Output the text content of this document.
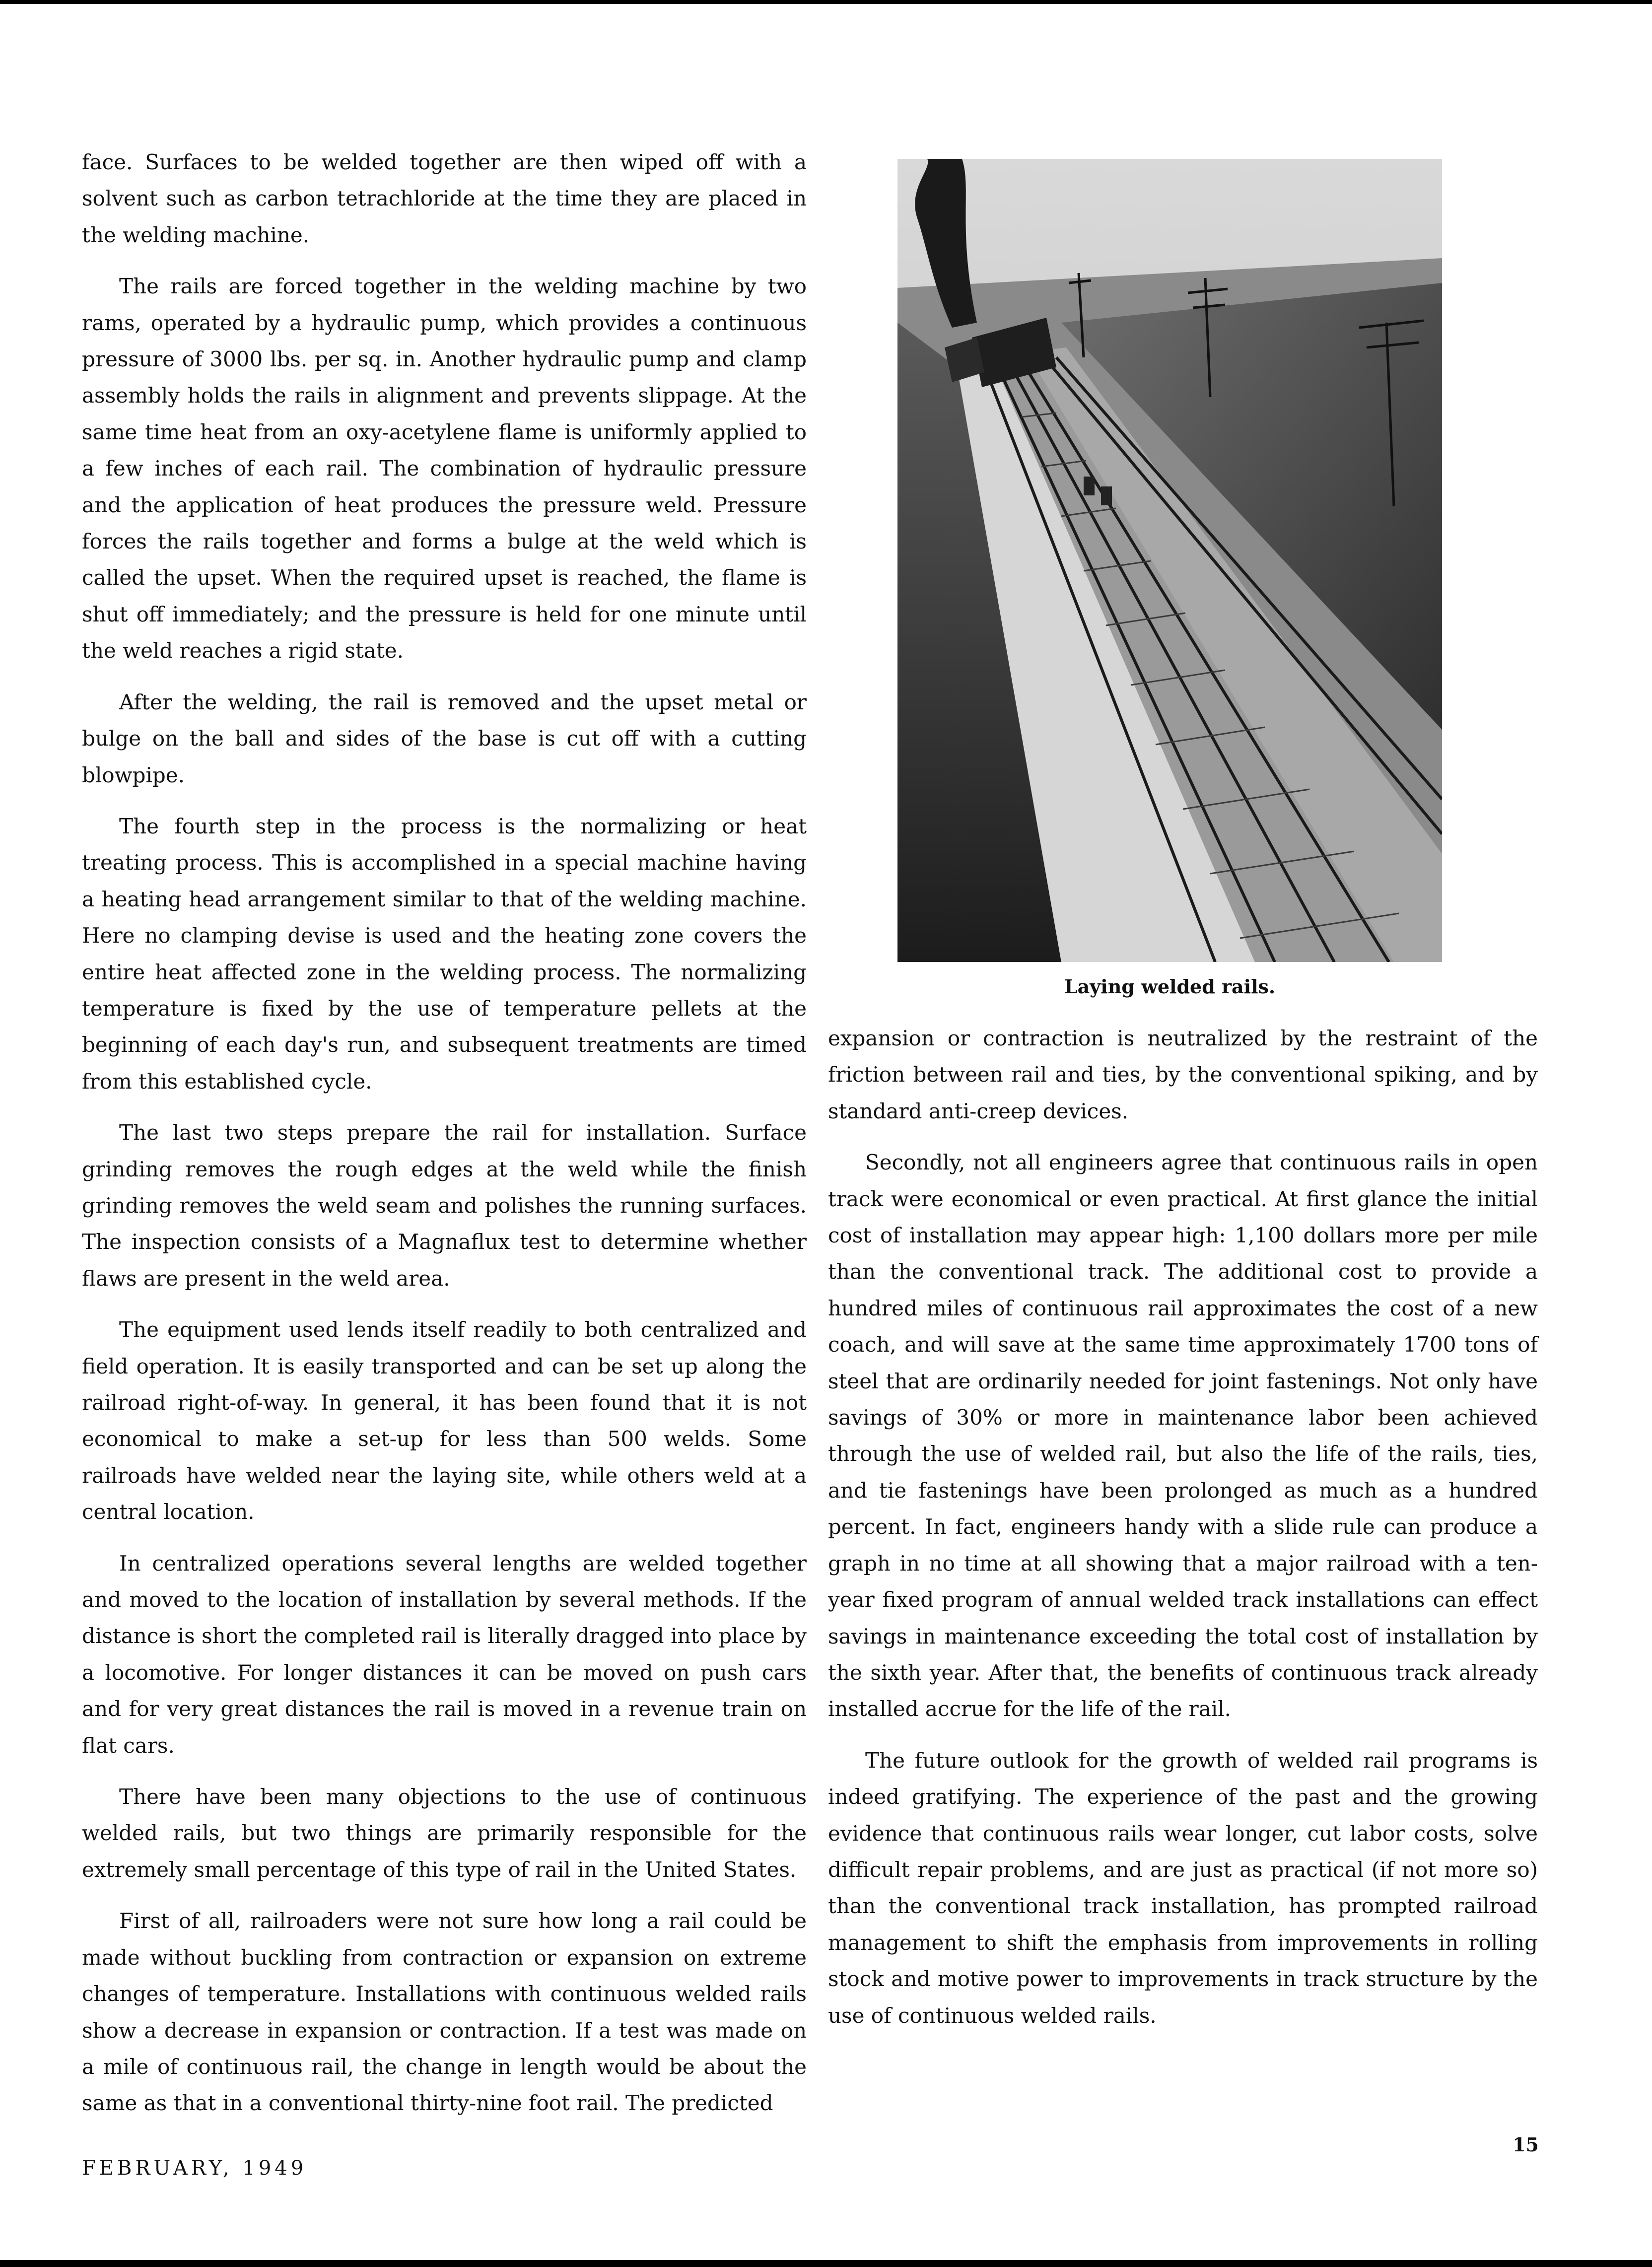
face. Surfaces to be welded together are then wiped off with a solvent such as carbon tetrachloride at the time they are placed in the welding machine.

The rails are forced together in the welding machine by two rams, operated by a hydraulic pump, which provides a continuous pressure of 3000 lbs. per sq. in. Another hydraulic pump and clamp assembly holds the rails in alignment and prevents slippage. At the same time heat from an oxy-acetylene flame is uniformly applied to a few inches of each rail. The combination of hydraulic pressure and the application of heat produces the pressure weld. Pressure forces the rails together and forms a bulge at the weld which is called the upset. When the required upset is reached, the flame is shut off immediately; and the pressure is held for one minute until the weld reaches a rigid state.

After the welding, the rail is removed and the upset metal or bulge on the ball and sides of the base is cut off with a cutting blowpipe.

The fourth step in the process is the normalizing or heat treating process. This is accomplished in a special machine having a heating head arrangement similar to that of the welding machine. Here no clamping devise is used and the heating zone covers the entire heat affected zone in the welding process. The normalizing temperature is fixed by the use of temperature pellets at the beginning of each day's run, and subsequent treatments are timed from this established cycle.

The last two steps prepare the rail for installation. Surface grinding removes the rough edges at the weld while the finish grinding removes the weld seam and polishes the running surfaces. The inspection consists of a Magnaflux test to determine whether flaws are present in the weld area.

The equipment used lends itself readily to both centralized and field operation. It is easily transported and can be set up along the railroad right-of-way. In general, it has been found that it is not economical to make a set-up for less than 500 welds. Some railroads have welded near the laying site, while others weld at a central location.

In centralized operations several lengths are welded together and moved to the location of installation by several methods. If the distance is short the completed rail is literally dragged into place by a locomotive. For longer distances it can be moved on push cars and for very great distances the rail is moved in a revenue train on flat cars.

There have been many objections to the use of continuous welded rails, but two things are primarily responsible for the extremely small percentage of this type of rail in the United States.

First of all, railroaders were not sure how long a rail could be made without buckling from contraction or expansion on extreme changes of temperature. Installations with continuous welded rails show a decrease in expansion or contraction. If a test was made on a mile of continuous rail, the change in length would be about the same as that in a conventional thirty-nine foot rail. The predicted

Laying welded rails.

expansion or contraction is neutralized by the restraint of the friction between rail and ties, by the conventional spiking, and by standard anti-creep devices.

Secondly, not all engineers agree that continuous rails in open track were economical or even practical. At first glance the initial cost of installation may appear high: 1,100 dollars more per mile than the conventional track. The additional cost to provide a hundred miles of continuous rail approximates the cost of a new coach, and will save at the same time approximately 1700 tons of steel that are ordinarily needed for joint fastenings. Not only have savings of 30% or more in maintenance labor been achieved through the use of welded rail, but also the life of the rails, ties, and tie fastenings have been prolonged as much as a hundred percent. In fact, engineers handy with a slide rule can produce a graph in no time at all showing that a major railroad with a ten-year fixed program of annual welded track installations can effect savings in maintenance exceeding the total cost of installation by the sixth year. After that, the benefits of continuous track already installed accrue for the life of the rail.

The future outlook for the growth of welded rail programs is indeed gratifying. The experience of the past and the growing evidence that continuous rails wear longer, cut labor costs, solve difficult repair problems, and are just as practical (if not more so) than the conventional track installation, has prompted railroad management to shift the emphasis from improvements in rolling stock and motive power to improvements in track structure by the use of continuous welded rails.

FEBRUARY, 1949
15
